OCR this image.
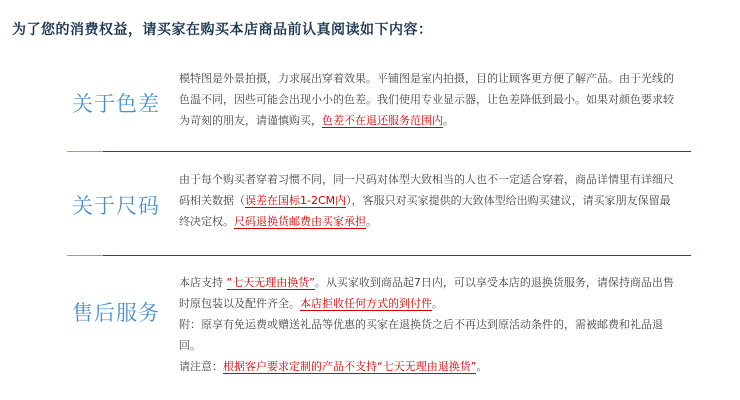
为了您的消费权益，请买家在购买本店商品前认真阅读如下内容：
关于色差

模特图是外景拍摄，力求展出穿着效果。平铺图是室内拍摄，目的让顾客更方便了解产品。由于光线的色温不同，因些可能会出现小小的色差。我们使用专业显示器，让色差降低到最小。如果对颜色要求较为苛刻的朋友，请谨慎购买，色差不在退还服务范围内。

关于尺码

由于每个购买者穿着习惯不同，同一尺码对体型大致相当的人也不一定适合穿着，商品详情里有详细尺码相关数据（误差在国标1-2CM内），客服只对买家提供的大致体型给出购买建议，请买家朋友保留最终决定权。尺码退换货邮费由买家承担。

售后服务

本店支持 “七天无理由换货”。从买家收到商品起7日内，可以享受本店的退换货服务，请保持商品出售时原包装以及配件齐全。本店拒收任何方式的到付件。

附：原享有免运费或赠送礼品等优惠的买家在退换货之后不再达到原活动条件的，需被邮费和礼品退回。

请注意：根据客户要求定制的产品不支持“七天无理由退换货”。
